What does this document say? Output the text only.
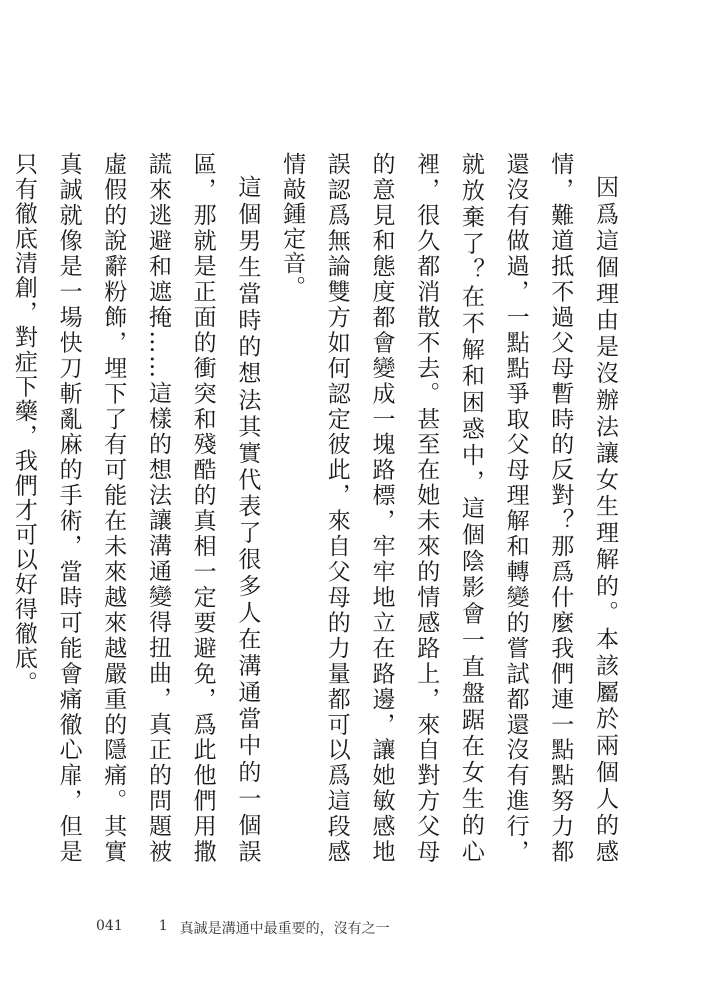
因爲這個理由是沒辦法讓女生理解的。本該屬於兩個人的感情，難道抵不過父母暫時的反對？那爲什麼我們連一點點努力都還沒有做過，一點點爭取父母理解和轉變的嘗試都還沒有進行，就放棄了？在不解和困惑中，這個陰影會一直盤踞在女生的心裡，很久都消散不去。甚至在她未來的情感路上，來自對方父母的意見和態度都會變成一塊路標，牢牢地立在路邊，讓她敏感地誤認爲無論雙方如何認定彼此，來自父母的力量都可以爲這段感情敲鍾定音。

這個男生當時的想法其實代表了很多人在溝通當中的一個誤區，那就是正面的衝突和殘酷的真相一定要避免，爲此他們用撒謊來逃避和遮掩……這樣的想法讓溝通變得扭曲，真正的問題被虛假的說辭粉飾，埋下了有可能在未來越來越嚴重的隱痛。其實真誠就像是一場快刀斬亂麻的手術，當時可能會痛徹心扉，但是只有徹底清創，對症下藥，我們才可以好得徹底。

041	1 真誠是溝通中最重要的，沒有之一
